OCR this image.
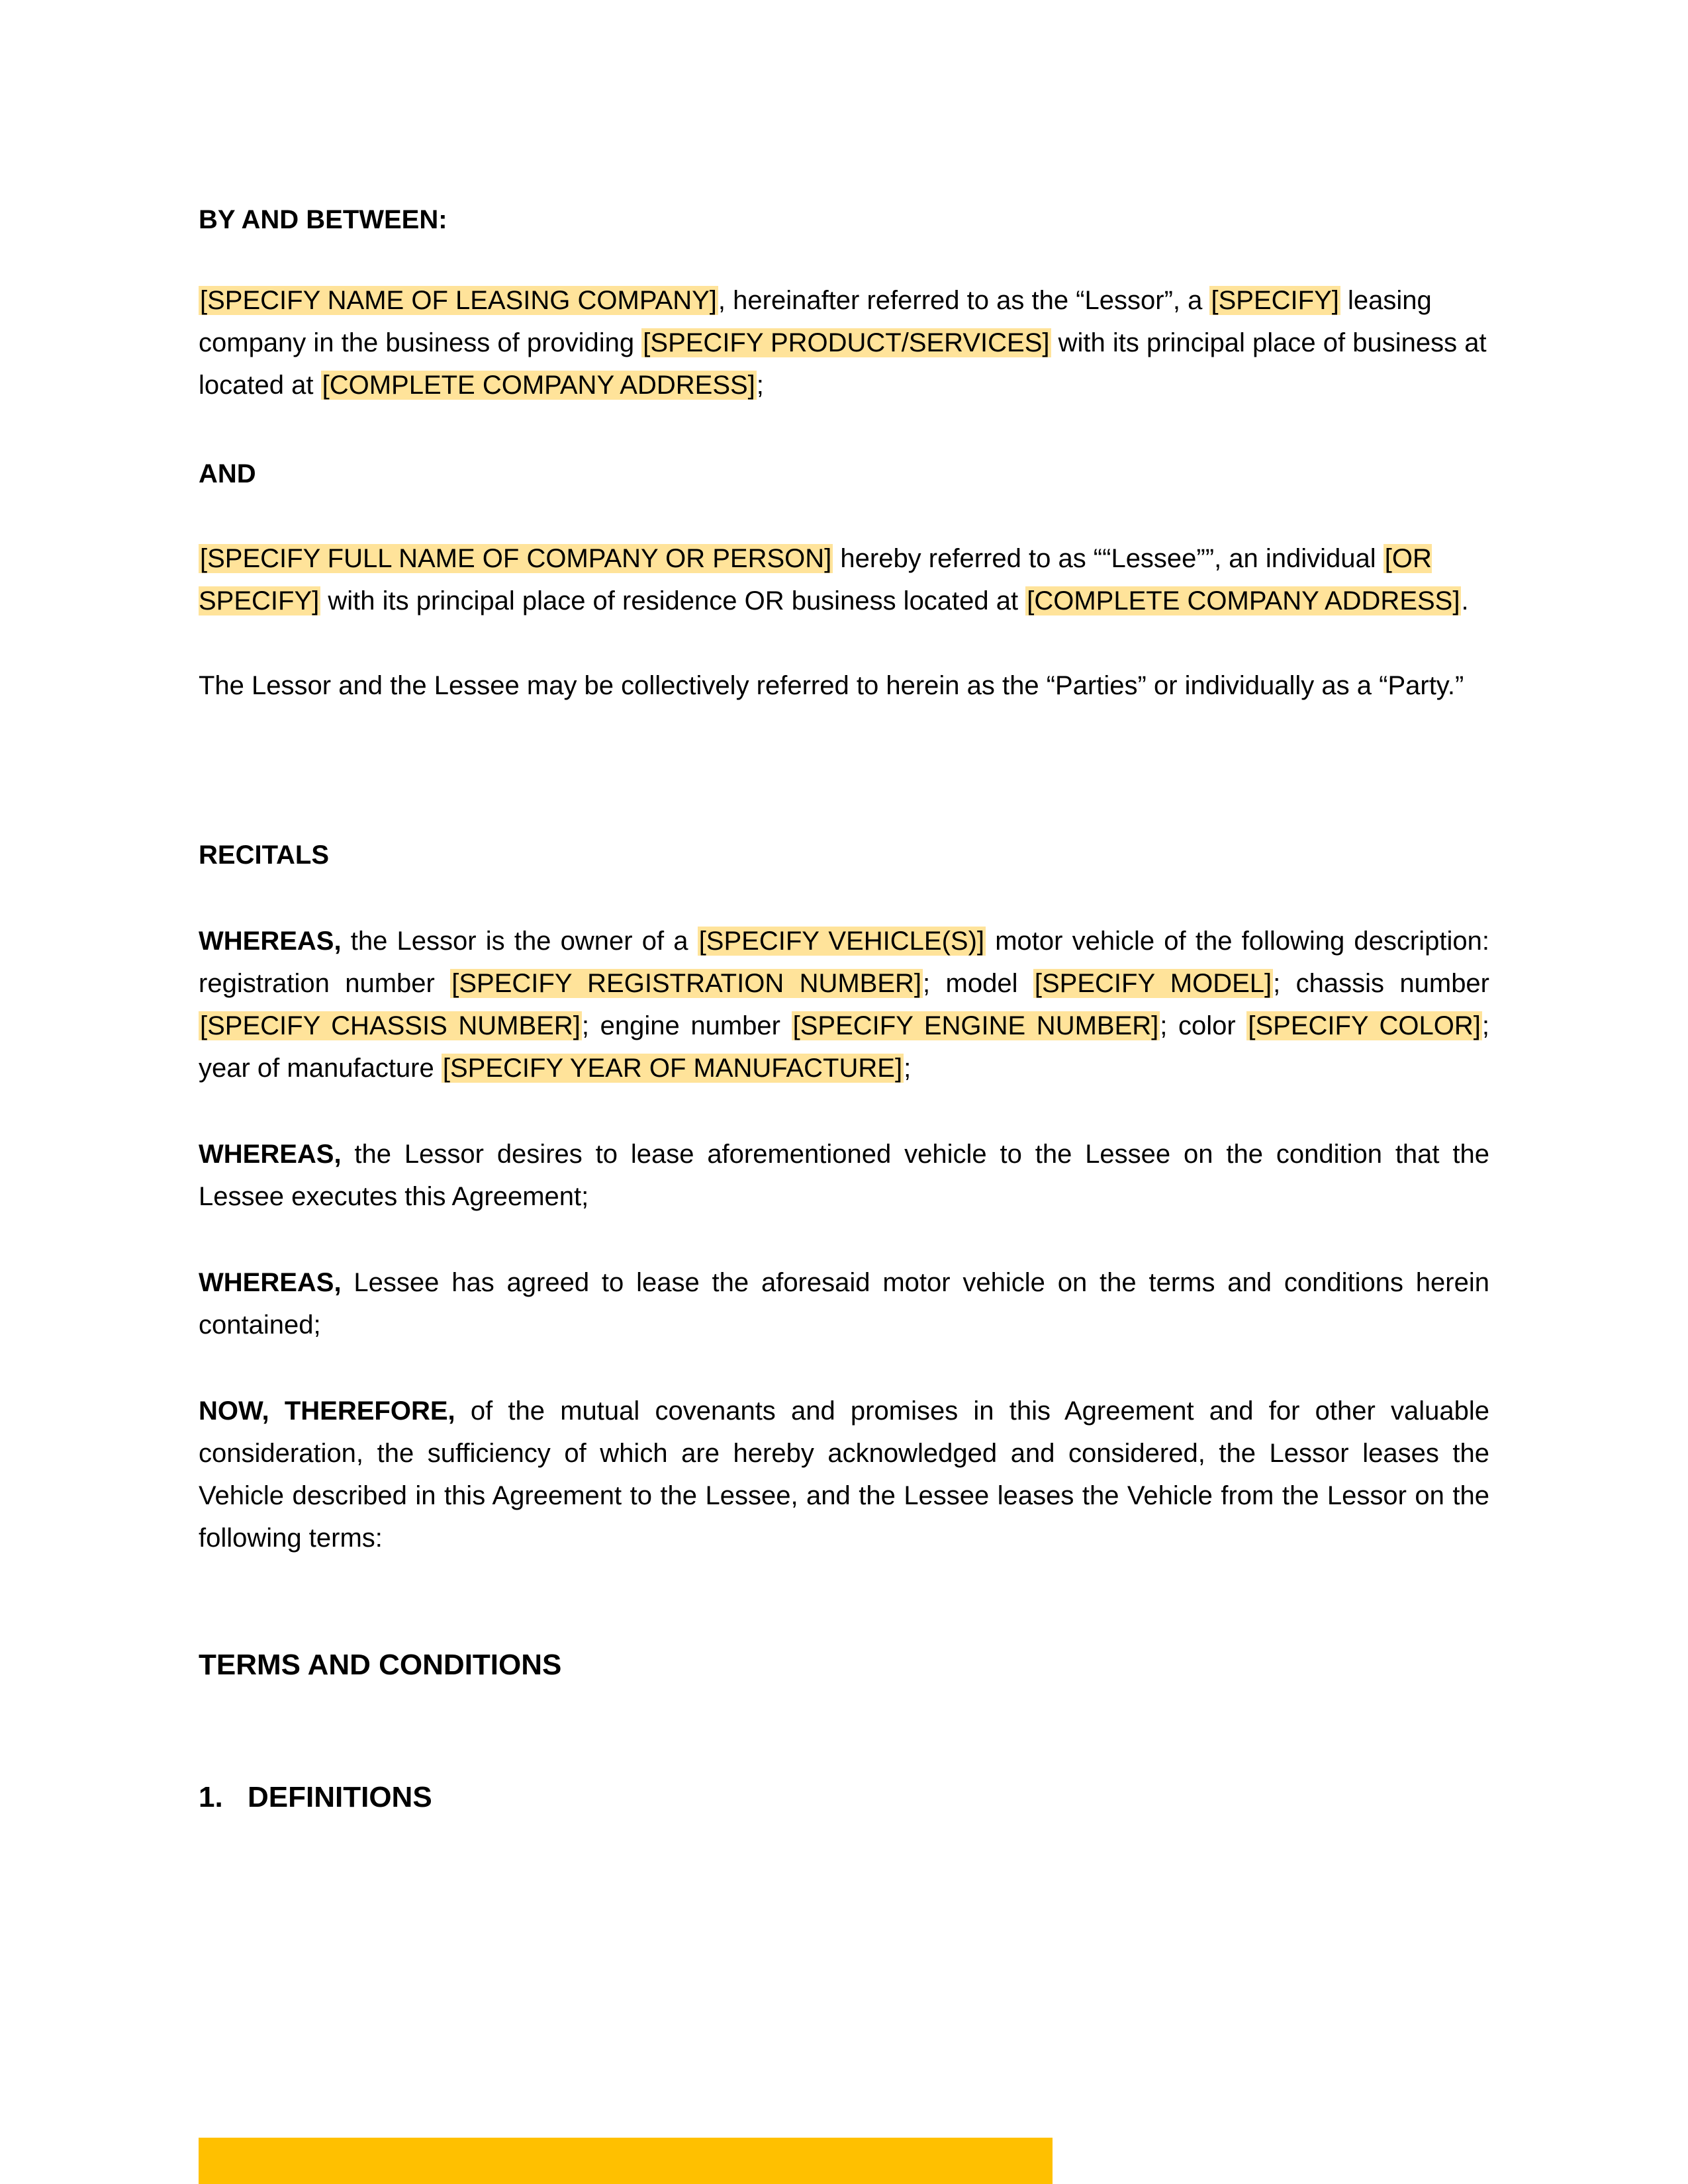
BY AND BETWEEN:

[SPECIFY NAME OF LEASING COMPANY], hereinafter referred to as the “Lessor”, a [SPECIFY] leasing company in the business of providing [SPECIFY PRODUCT/SERVICES] with its principal place of business at located at [COMPLETE COMPANY ADDRESS];

AND

[SPECIFY FULL NAME OF COMPANY OR PERSON] hereby referred to as ““Lessee””, an individual [OR SPECIFY] with its principal place of residence OR business located at [COMPLETE COMPANY ADDRESS].

The Lessor and the Lessee may be collectively referred to herein as the “Parties” or individually as a “Party.”

RECITALS

WHEREAS, the Lessor is the owner of a [SPECIFY VEHICLE(S)] motor vehicle of the following description: registration number [SPECIFY REGISTRATION NUMBER]; model [SPECIFY MODEL]; chassis number [SPECIFY CHASSIS NUMBER]; engine number [SPECIFY ENGINE NUMBER]; color [SPECIFY COLOR]; year of manufacture [SPECIFY YEAR OF MANUFACTURE];

WHEREAS, the Lessor desires to lease aforementioned vehicle to the Lessee on the condition that the Lessee executes this Agreement;

WHEREAS, Lessee has agreed to lease the aforesaid motor vehicle on the terms and conditions herein contained;

NOW, THEREFORE, of the mutual covenants and promises in this Agreement and for other valuable consideration, the sufficiency of which are hereby acknowledged and considered, the Lessor leases the Vehicle described in this Agreement to the Lessee, and the Lessee leases the Vehicle from the Lessor on the following terms:

TERMS AND CONDITIONS

1. DEFINITIONS
